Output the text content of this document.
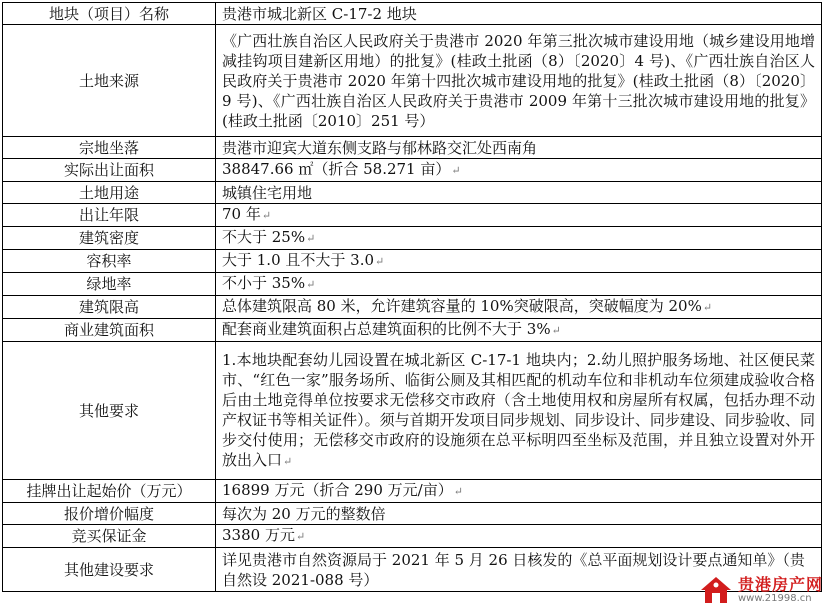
地块（项目）名称	贵港市城北新区 C-17-2 地块
土地来源	《广西壮族自治区人民政府关于贵港市 2020 年第三批次城市建设用地（城乡建设用地增减挂钩项目建新区用地）的批复》(桂政土批函（8）〔2020〕4 号)、《广西壮族自治区人民政府关于贵港市 2020 年第十四批次城市建设用地的批复》(桂政土批函（8）〔2020〕9 号)、《广西壮族自治区人民政府关于贵港市 2009 年第十三批次城市建设用地的批复》(桂政土批函〔2010〕251 号）
宗地坐落	贵港市迎宾大道东侧支路与郁林路交汇处西南角
实际出让面积	38847.66 ㎡（折合 58.271 亩）↵
土地用途	城镇住宅用地
出让年限	70 年↵
建筑密度	不大于 25%↵
容积率	大于 1.0 且不大于 3.0↵
绿地率	不小于 35%↵
建筑限高	总体建筑限高 80 米，允许建筑容量的 10%突破限高，突破幅度为 20%↵
商业建筑面积	配套商业建筑面积占总建筑面积的比例不大于 3%↵
其他要求	1.本地块配套幼儿园设置在城北新区 C-17-1 地块内；2.幼儿照护服务场地、社区便民菜市、“红色一家”服务场所、临街公厕及其相匹配的机动车位和非机动车位须建成验收合格后由土地竞得单位按要求无偿移交市政府（含土地使用权和房屋所有权属，包括办理不动产权证书等相关证件）。须与首期开发项目同步规划、同步设计、同步建设、同步验收、同步交付使用；无偿移交市政府的设施须在总平标明四至坐标及范围，并且独立设置对外开放出入口↵
挂牌出让起始价（万元）	16899 万元（折合 290 万元/亩）↵
报价增价幅度	每次为 20 万元的整数倍
竞买保证金	3380 万元↵
其他建设要求	详见贵港市自然资源局于 2021 年 5 月 26 日核发的《总平面规划设计要点通知单》（贵自然设 2021-088 号）	贵港房产网
www.21998.cn
